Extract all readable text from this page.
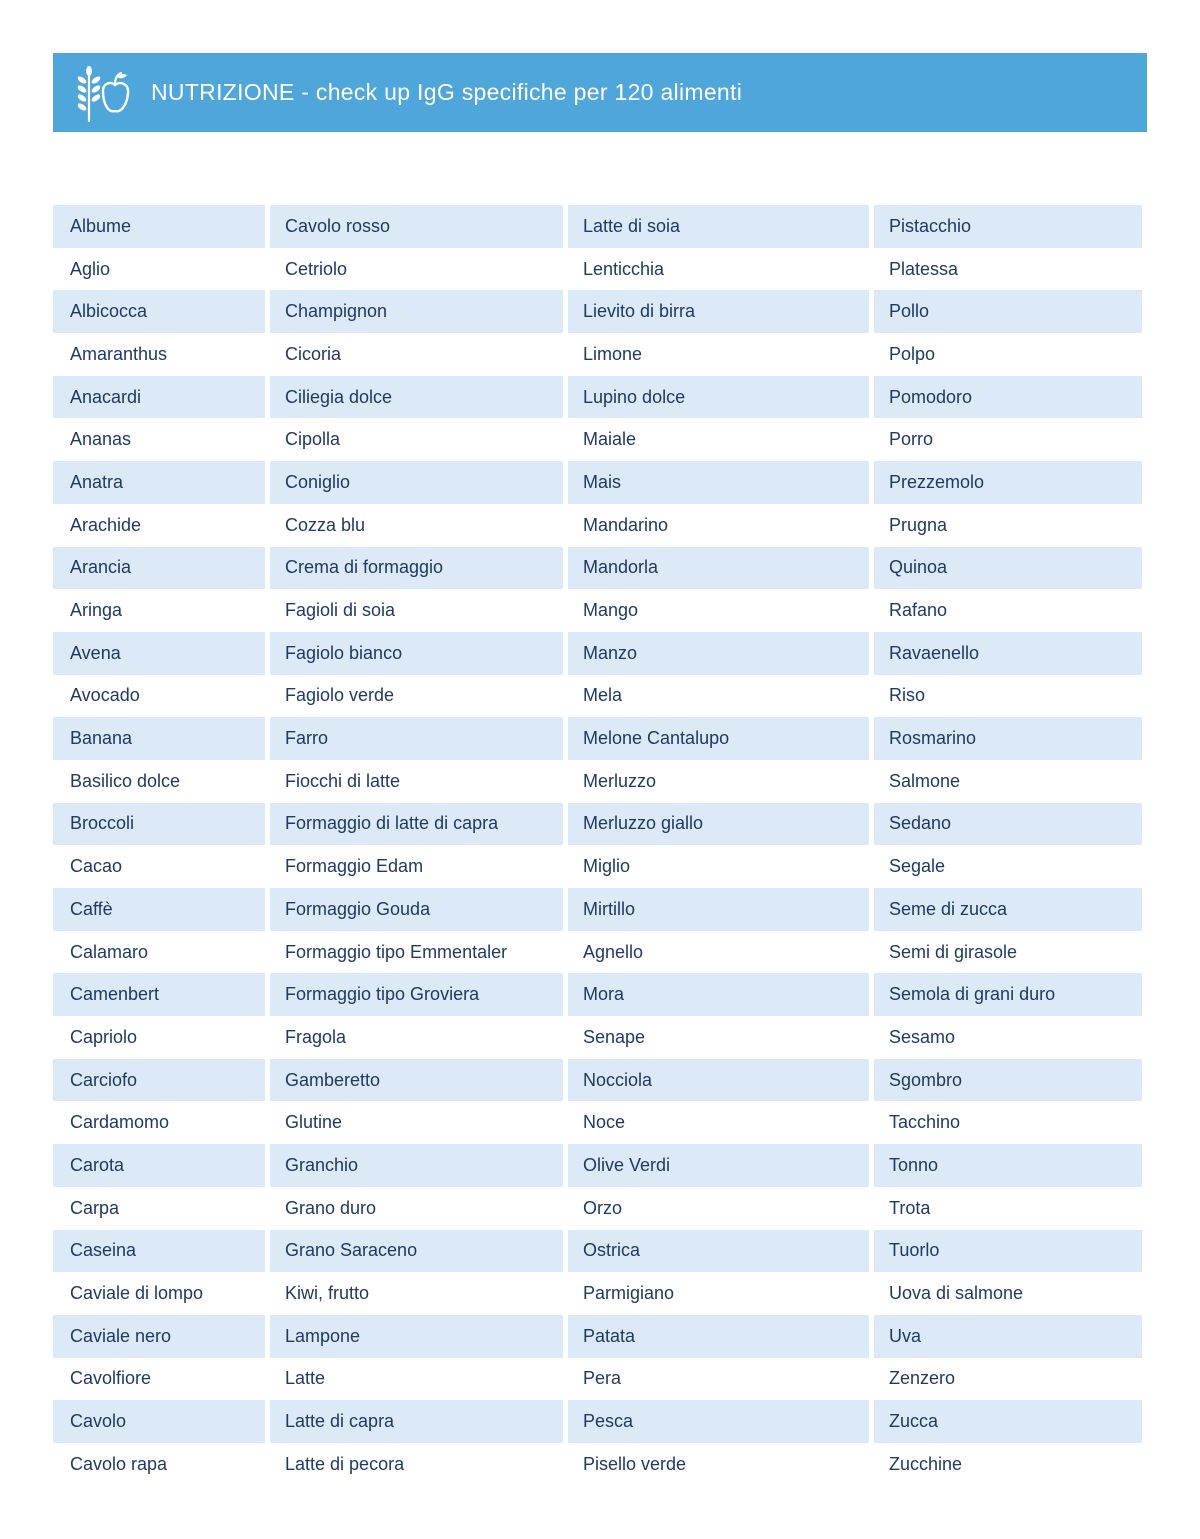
NUTRIZIONE - check up IgG specifiche per 120 alimenti
Albume
Aglio
Albicocca
Amaranthus
Anacardi
Ananas
Anatra
Arachide
Arancia
Aringa
Avena
Avocado
Banana
Basilico dolce
Broccoli
Cacao
Caffè
Calamaro
Camenbert
Capriolo
Carciofo
Cardamomo
Carota
Carpa
Caseina
Caviale di lompo
Caviale nero
Cavolfiore
Cavolo
Cavolo rapa
Cavolo rosso
Cetriolo
Champignon
Cicoria
Ciliegia dolce
Cipolla
Coniglio
Cozza blu
Crema di formaggio
Fagioli di soia
Fagiolo bianco
Fagiolo verde
Farro
Fiocchi di latte
Formaggio di latte di capra
Formaggio Edam
Formaggio Gouda
Formaggio tipo Emmentaler
Formaggio tipo Groviera
Fragola
Gamberetto
Glutine
Granchio
Grano duro
Grano Saraceno
Kiwi, frutto
Lampone
Latte
Latte di capra
Latte di pecora
Latte di soia
Lenticchia
Lievito di birra
Limone
Lupino dolce
Maiale
Mais
Mandarino
Mandorla
Mango
Manzo
Mela
Melone Cantalupo
Merluzzo
Merluzzo giallo
Miglio
Mirtillo
Agnello
Mora
Senape
Nocciola
Noce
Olive Verdi
Orzo
Ostrica
Parmigiano
Patata
Pera
Pesca
Pisello verde
Pistacchio
Platessa
Pollo
Polpo
Pomodoro
Porro
Prezzemolo
Prugna
Quinoa
Rafano
Ravaenello
Riso
Rosmarino
Salmone
Sedano
Segale
Seme di zucca
Semi di girasole
Semola di grani duro
Sesamo
Sgombro
Tacchino
Tonno
Trota
Tuorlo
Uova di salmone
Uva
Zenzero
Zucca
Zucchine
